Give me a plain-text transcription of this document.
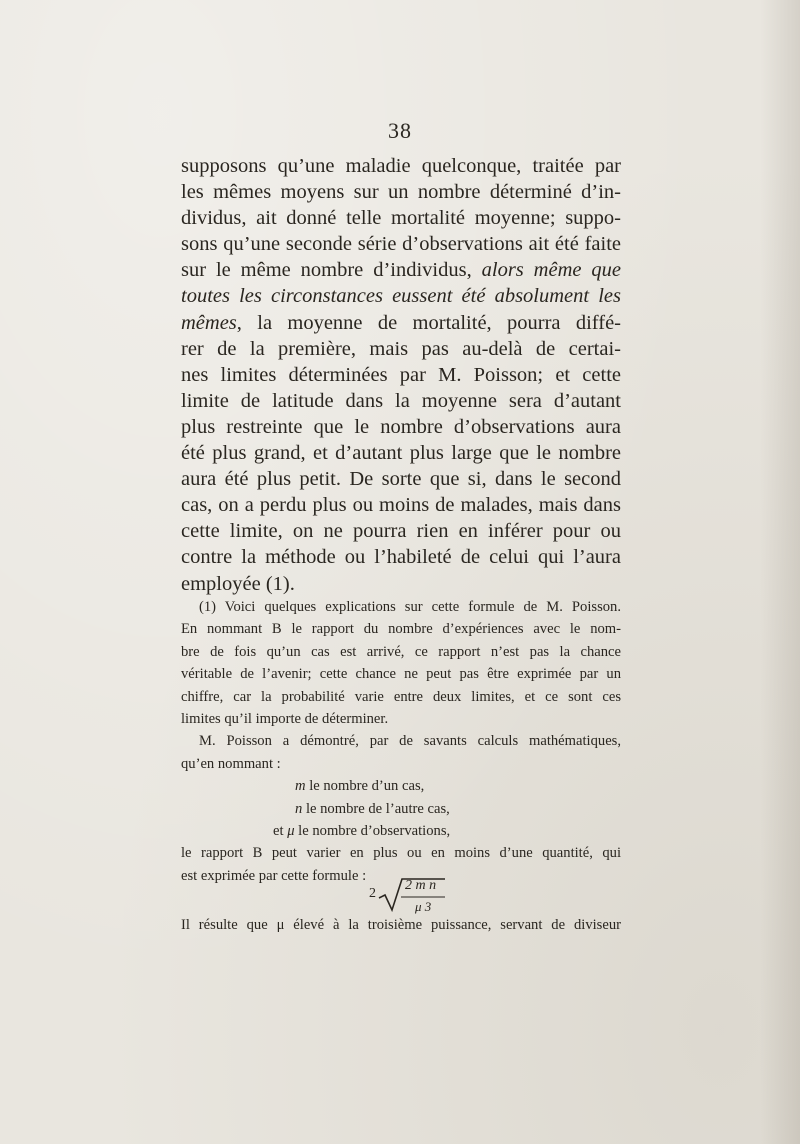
38
supposons qu’une maladie quelconque, traitée par
les mêmes moyens sur un nombre déterminé d’in-
dividus, ait donné telle mortalité moyenne; suppo-
sons qu’une seconde série d’observations ait été faite
sur le même nombre d’individus, alors même que
toutes les circonstances eussent été absolument les
mêmes, la moyenne de mortalité, pourra diffé-
rer de la première, mais pas au-delà de certai-
nes limites déterminées par M. Poisson; et cette
limite de latitude dans la moyenne sera d’autant
plus restreinte que le nombre d’observations aura
été plus grand, et d’autant plus large que le nombre
aura été plus petit. De sorte que si, dans le second
cas, on a perdu plus ou moins de malades, mais dans
cette limite, on ne pourra rien en inférer pour ou
contre la méthode ou l’habileté de celui qui l’aura
employée (1).
(1) Voici quelques explications sur cette formule de M. Poisson.
En nommant B le rapport du nombre d’expériences avec le nom-
bre de fois qu’un cas est arrivé, ce rapport n’est pas la chance
véritable de l’avenir; cette chance ne peut pas être exprimée par un
chiffre, car la probabilité varie entre deux limites, et ce sont ces
limites qu’il importe de déterminer.
M. Poisson a démontré, par de savants calculs mathématiques,
qu’en nommant :
m le nombre d’un cas,
n le nombre de l’autre cas,
et μ le nombre d’observations,
le rapport B peut varier en plus ou en moins d’une quantité, qui
est exprimée par cette formule :
2
2 m n
μ 3
Il résulte que μ élevé à la troisième puissance, servant de diviseur
